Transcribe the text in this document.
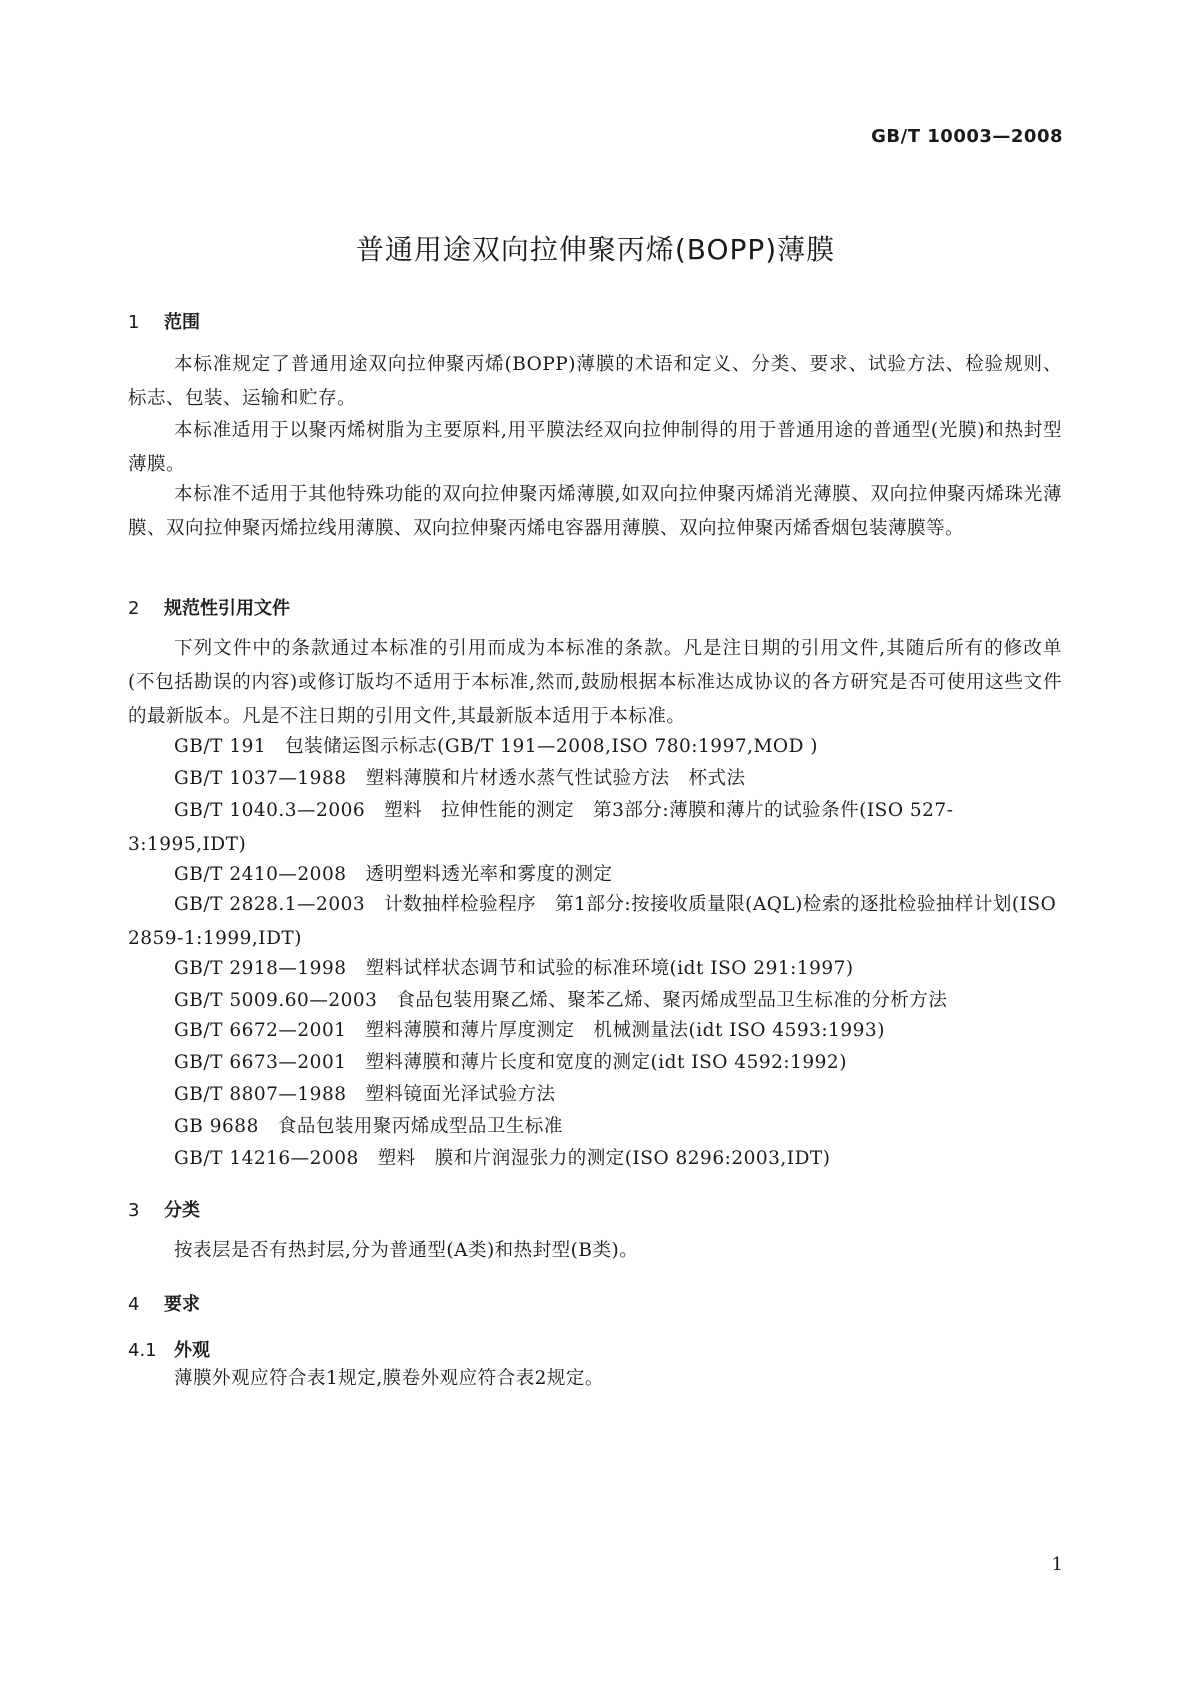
GB/T 10003—2008
普通用途双向拉伸聚丙烯(BOPP)薄膜
1 范围
本标准规定了普通用途双向拉伸聚丙烯(BOPP)薄膜的术语和定义、分类、要求、试验方法、检验规则、标志、包装、运输和贮存。
本标准适用于以聚丙烯树脂为主要原料,用平膜法经双向拉伸制得的用于普通用途的普通型(光膜)和热封型薄膜。
本标准不适用于其他特殊功能的双向拉伸聚丙烯薄膜,如双向拉伸聚丙烯消光薄膜、双向拉伸聚丙烯珠光薄膜、双向拉伸聚丙烯拉线用薄膜、双向拉伸聚丙烯电容器用薄膜、双向拉伸聚丙烯香烟包装薄膜等。
2 规范性引用文件
下列文件中的条款通过本标准的引用而成为本标准的条款。凡是注日期的引用文件,其随后所有的修改单(不包括勘误的内容)或修订版均不适用于本标准,然而,鼓励根据本标准达成协议的各方研究是否可使用这些文件的最新版本。凡是不注日期的引用文件,其最新版本适用于本标准。
GB/T 191　包装储运图示标志(GB/T 191—2008,ISO 780:1997,MOD )
GB/T 1037—1988　塑料薄膜和片材透水蒸气性试验方法　杯式法
GB/T 1040.3—2006　塑料　拉伸性能的测定　第3部分:薄膜和薄片的试验条件(ISO 527-3:1995,IDT)
GB/T 2410—2008　透明塑料透光率和雾度的测定
GB/T 2828.1—2003　计数抽样检验程序　第1部分:按接收质量限(AQL)检索的逐批检验抽样计划(ISO 2859-1:1999,IDT)
GB/T 2918—1998　塑料试样状态调节和试验的标准环境(idt ISO 291:1997)
GB/T 5009.60—2003　食品包装用聚乙烯、聚苯乙烯、聚丙烯成型品卫生标准的分析方法
GB/T 6672—2001　塑料薄膜和薄片厚度测定　机械测量法(idt ISO 4593:1993)
GB/T 6673—2001　塑料薄膜和薄片长度和宽度的测定(idt ISO 4592:1992)
GB/T 8807—1988　塑料镜面光泽试验方法
GB 9688　食品包装用聚丙烯成型品卫生标准
GB/T 14216—2008　塑料　膜和片润湿张力的测定(ISO 8296:2003,IDT)
3 分类
按表层是否有热封层,分为普通型(A类)和热封型(B类)。
4 要求
4.1 外观
薄膜外观应符合表1规定,膜卷外观应符合表2规定。
1
